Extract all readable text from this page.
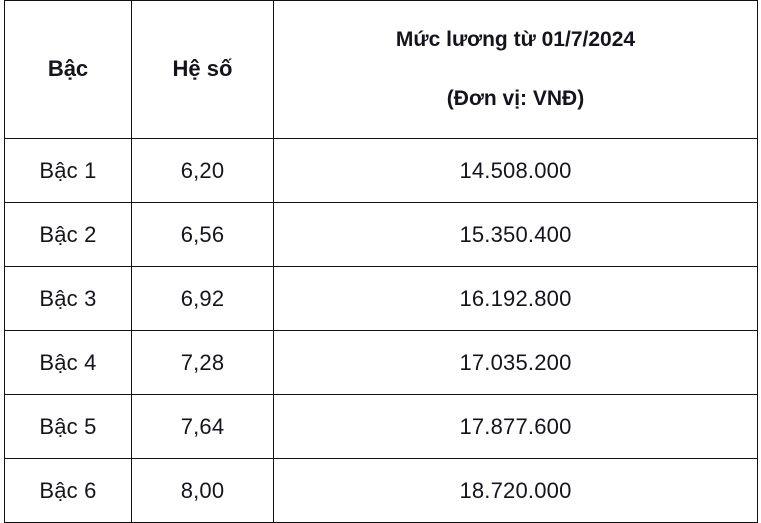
Bậc	Hệ số	Mức lương từ 01/7/2024
(Đơn vị: VNĐ)

Bậc 1	6,20	14.508.000
Bậc 2	6,56	15.350.400
Bậc 3	6,92	16.192.800
Bậc 4	7,28	17.035.200
Bậc 5	7,64	17.877.600
Bậc 6	8,00	18.720.000
